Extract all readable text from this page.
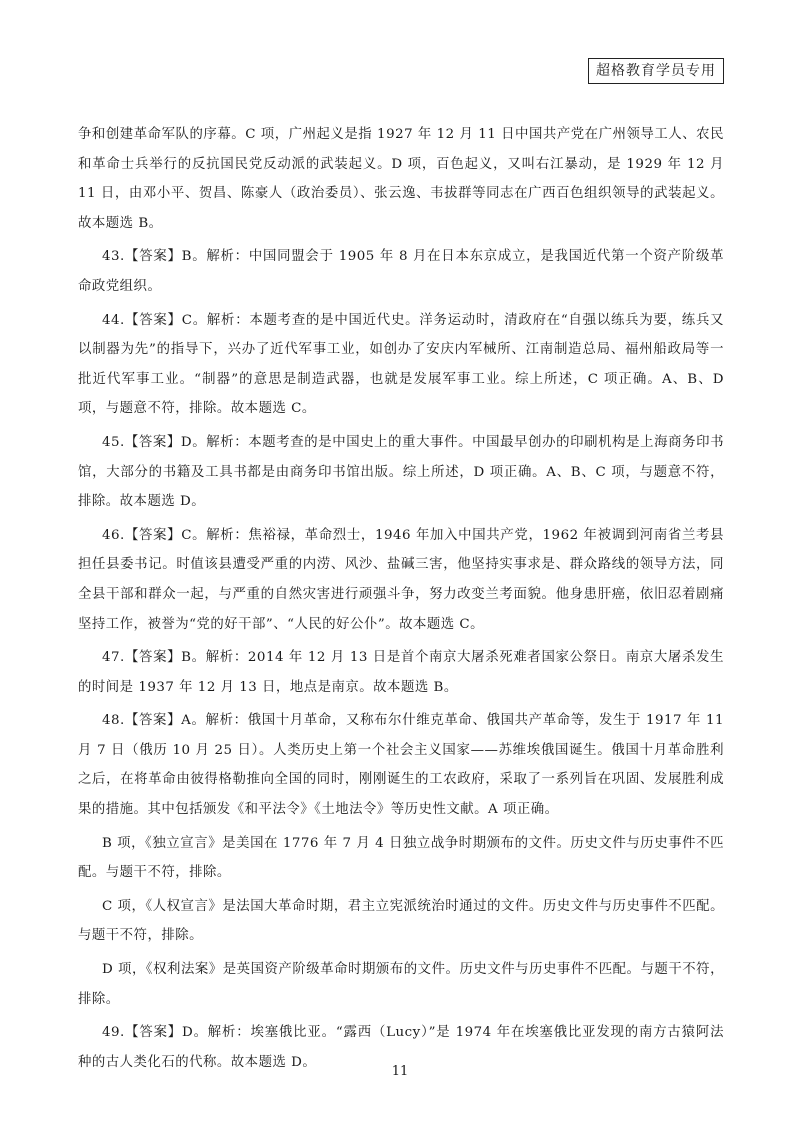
超格教育学员专用

争和创建革命军队的序幕。C 项，广州起义是指 1927 年 12 月 11 日中国共产党在广州领导工人、农民和革命士兵举行的反抗国民党反动派的武装起义。D 项，百色起义，又叫右江暴动，是 1929 年 12 月 11 日，由邓小平、贺昌、陈豪人（政治委员）、张云逸、韦拔群等同志在广西百色组织领导的武装起义。故本题选 B。

43.【答案】B。解析：中国同盟会于 1905 年 8 月在日本东京成立，是我国近代第一个资产阶级革命政党组织。

44.【答案】C。解析：本题考查的是中国近代史。洋务运动时，清政府在“自强以练兵为要，练兵又以制器为先”的指导下，兴办了近代军事工业，如创办了安庆内军械所、江南制造总局、福州船政局等一批近代军事工业。“制器”的意思是制造武器，也就是发展军事工业。综上所述，C 项正确。A、B、D 项，与题意不符，排除。故本题选 C。

45.【答案】D。解析：本题考查的是中国史上的重大事件。中国最早创办的印刷机构是上海商务印书馆，大部分的书籍及工具书都是由商务印书馆出版。综上所述，D 项正确。A、B、C 项，与题意不符，排除。故本题选 D。

46.【答案】C。解析：焦裕禄，革命烈士，1946 年加入中国共产党，1962 年被调到河南省兰考县担任县委书记。时值该县遭受严重的内涝、风沙、盐碱三害，他坚持实事求是、群众路线的领导方法，同全县干部和群众一起，与严重的自然灾害进行顽强斗争，努力改变兰考面貌。他身患肝癌，依旧忍着剧痛坚持工作，被誉为“党的好干部”、“人民的好公仆”。故本题选 C。

47.【答案】B。解析：2014 年 12 月 13 日是首个南京大屠杀死难者国家公祭日。南京大屠杀发生的时间是 1937 年 12 月 13 日，地点是南京。故本题选 B。

48.【答案】A。解析：俄国十月革命，又称布尔什维克革命、俄国共产革命等，发生于 1917 年 11 月 7 日（俄历 10 月 25 日）。人类历史上第一个社会主义国家——苏维埃俄国诞生。俄国十月革命胜利之后，在将革命由彼得格勒推向全国的同时，刚刚诞生的工农政府，采取了一系列旨在巩固、发展胜利成果的措施。其中包括颁发《和平法令》《土地法令》等历史性文献。A 项正确。

B 项，《独立宣言》是美国在 1776 年 7 月 4 日独立战争时期颁布的文件。历史文件与历史事件不匹配。与题干不符，排除。

C 项，《人权宣言》是法国大革命时期，君主立宪派统治时通过的文件。历史文件与历史事件不匹配。与题干不符，排除。

D 项，《权利法案》是英国资产阶级革命时期颁布的文件。历史文件与历史事件不匹配。与题干不符，排除。

49.【答案】D。解析：埃塞俄比亚。“露西（Lucy）”是 1974 年在埃塞俄比亚发现的南方古猿阿法种的古人类化石的代称。故本题选 D。

11
